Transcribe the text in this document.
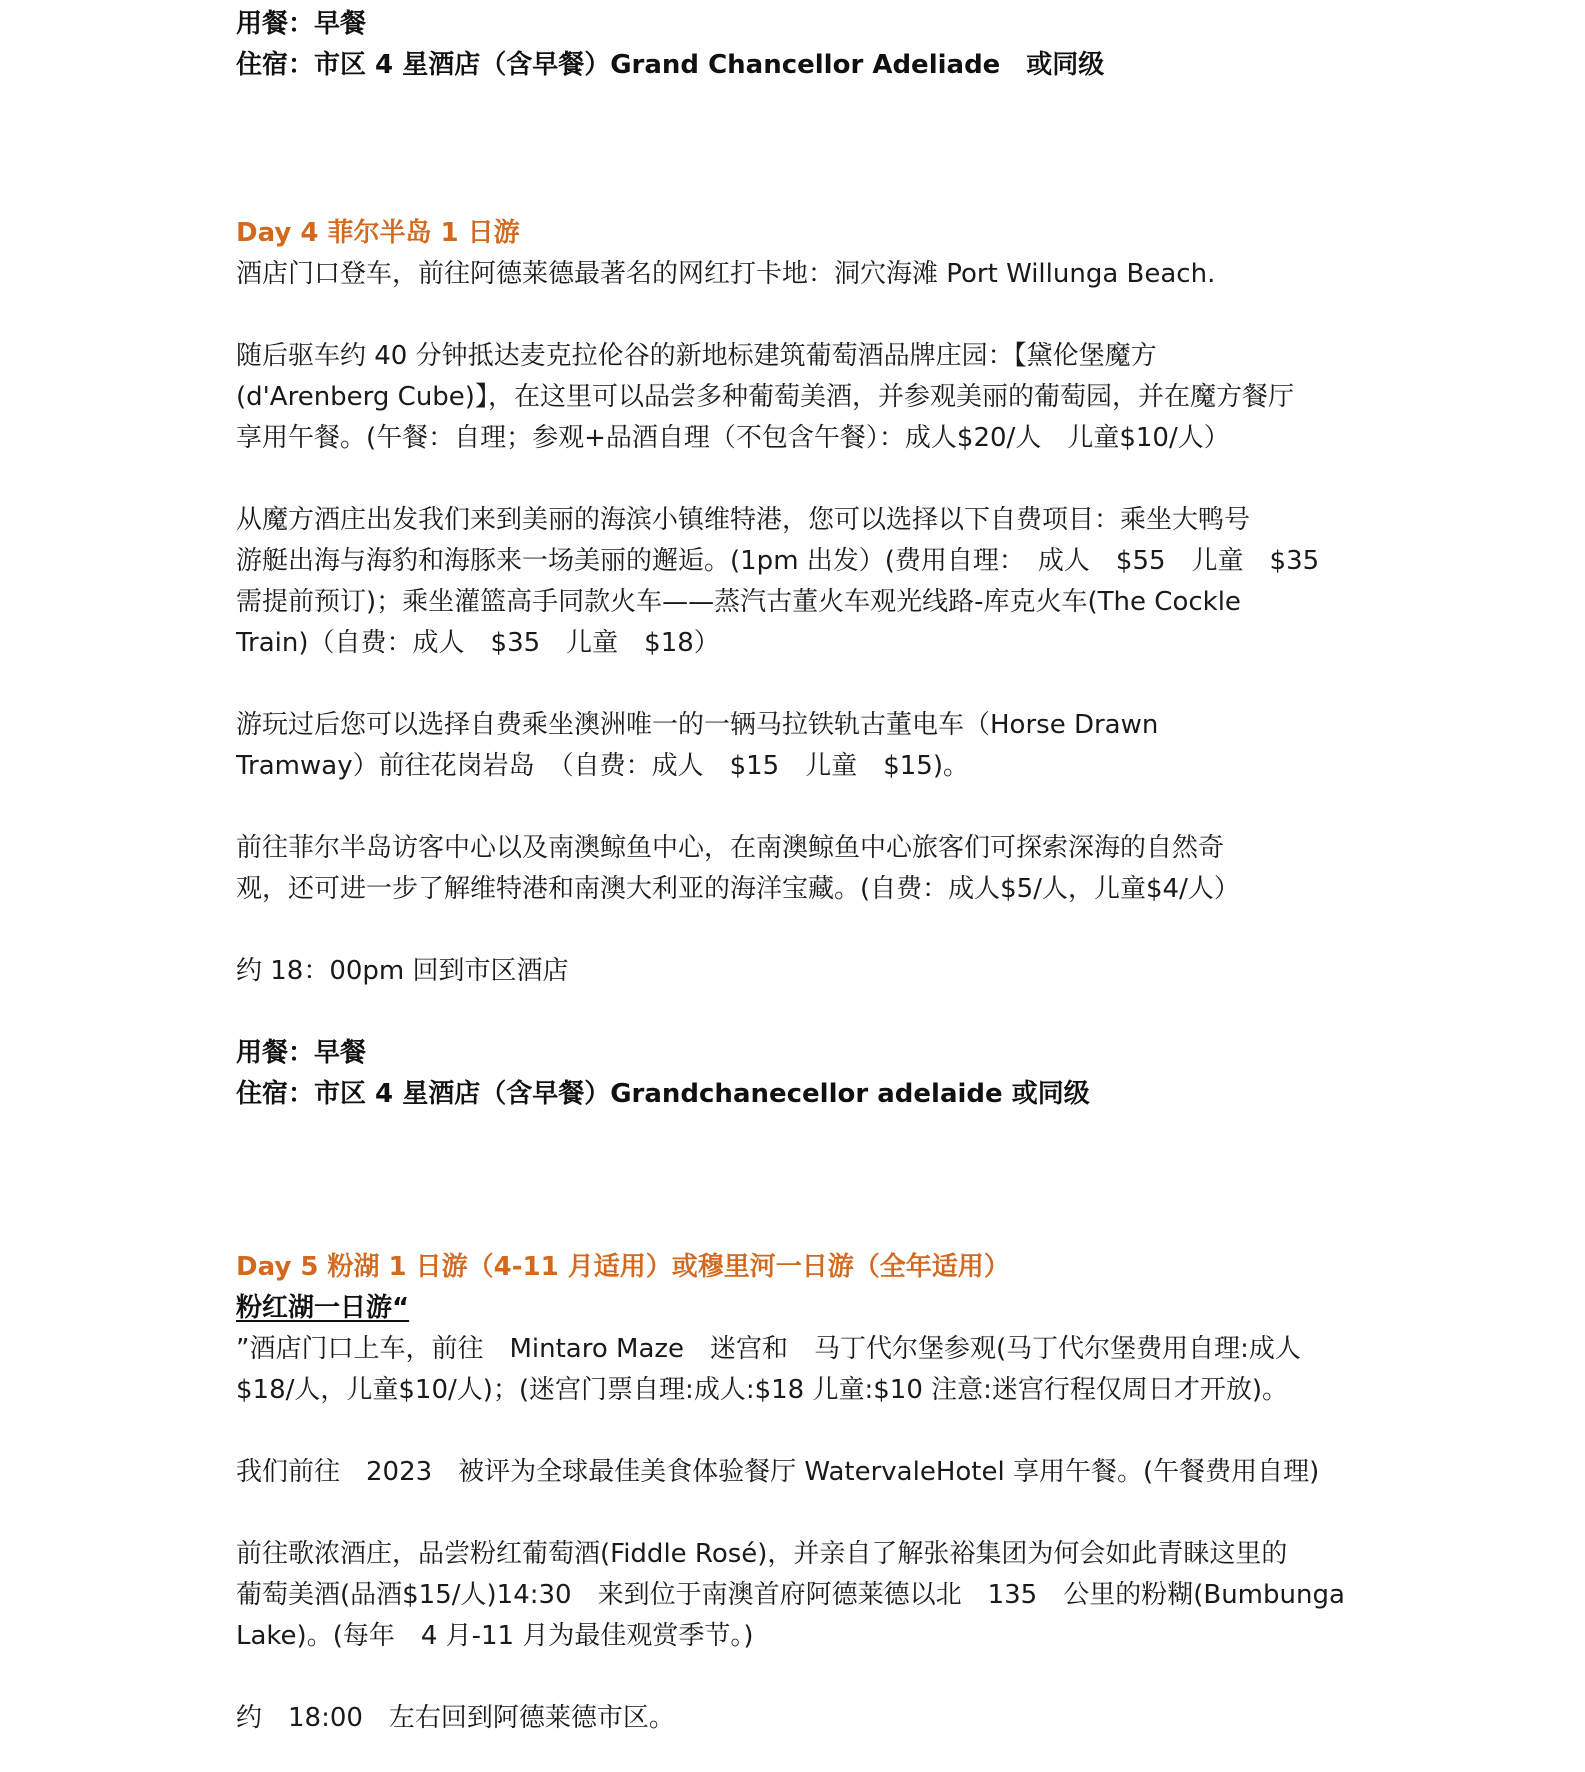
用餐：早餐

住宿：市区 4 星酒店（含早餐）Grand Chancellor Adeliade　或同级

Day 4 菲尔半岛 1 日游

酒店门口登车，前往阿德莱德最著名的网红打卡地：洞穴海滩 Port Willunga Beach.

随后驱车约 40 分钟抵达麦克拉伦谷的新地标建筑葡萄酒品牌庄园：【黛伦堡魔方

(d'Arenberg Cube)】，在这里可以品尝多种葡萄美酒，并参观美丽的葡萄园，并在魔方餐厅

享用午餐。(午餐：自理；参观+品酒自理（不包含午餐）：成人$20/人　儿童$10/人）

从魔方酒庄出发我们来到美丽的海滨小镇维特港，您可以选择以下自费项目：乘坐大鸭号

游艇出海与海豹和海豚来一场美丽的邂逅。(1pm 出发）(费用自理：　成人　$55　儿童　$35

需提前预订)；乘坐灌篮高手同款火车——蒸汽古董火车观光线路-库克火车(The Cockle

Train)（自费：成人　$35　儿童　$18）

游玩过后您可以选择自费乘坐澳洲唯一的一辆马拉铁轨古董电车（Horse Drawn

Tramway）前往花岗岩岛　（自费：成人　$15　儿童　$15)。

前往菲尔半岛访客中心以及南澳鲸鱼中心，在南澳鲸鱼中心旅客们可探索深海的自然奇

观，还可进一步了解维特港和南澳大利亚的海洋宝藏。(自费：成人$5/人，儿童$4/人）

约 18：00pm 回到市区酒店

用餐：早餐

住宿：市区 4 星酒店（含早餐）Grandchanecellor adelaide 或同级

Day 5 粉湖 1 日游（4-11 月适用）或穆里河一日游（全年适用）

粉红湖一日游“

”酒店门口上车，前往　Mintaro Maze　迷宫和　马丁代尔堡参观(马丁代尔堡费用自理:成人

$18/人，儿童$10/人)；(迷宫门票自理:成人:$18 儿童:$10 注意:迷宫行程仅周日才开放)。

我们前往　2023　被评为全球最佳美食体验餐厅 WatervaleHotel 享用午餐。(午餐费用自理)

前往歌浓酒庄，品尝粉红葡萄酒(Fiddle Rosé)，并亲自了解张裕集团为何会如此青睐这里的

葡萄美酒(品酒$15/人)14:30　来到位于南澳首府阿德莱德以北　135　公里的粉糊(Bumbunga

Lake)。(每年　4 月-11 月为最佳观赏季节。)

约　18:00　左右回到阿德莱德市区。
